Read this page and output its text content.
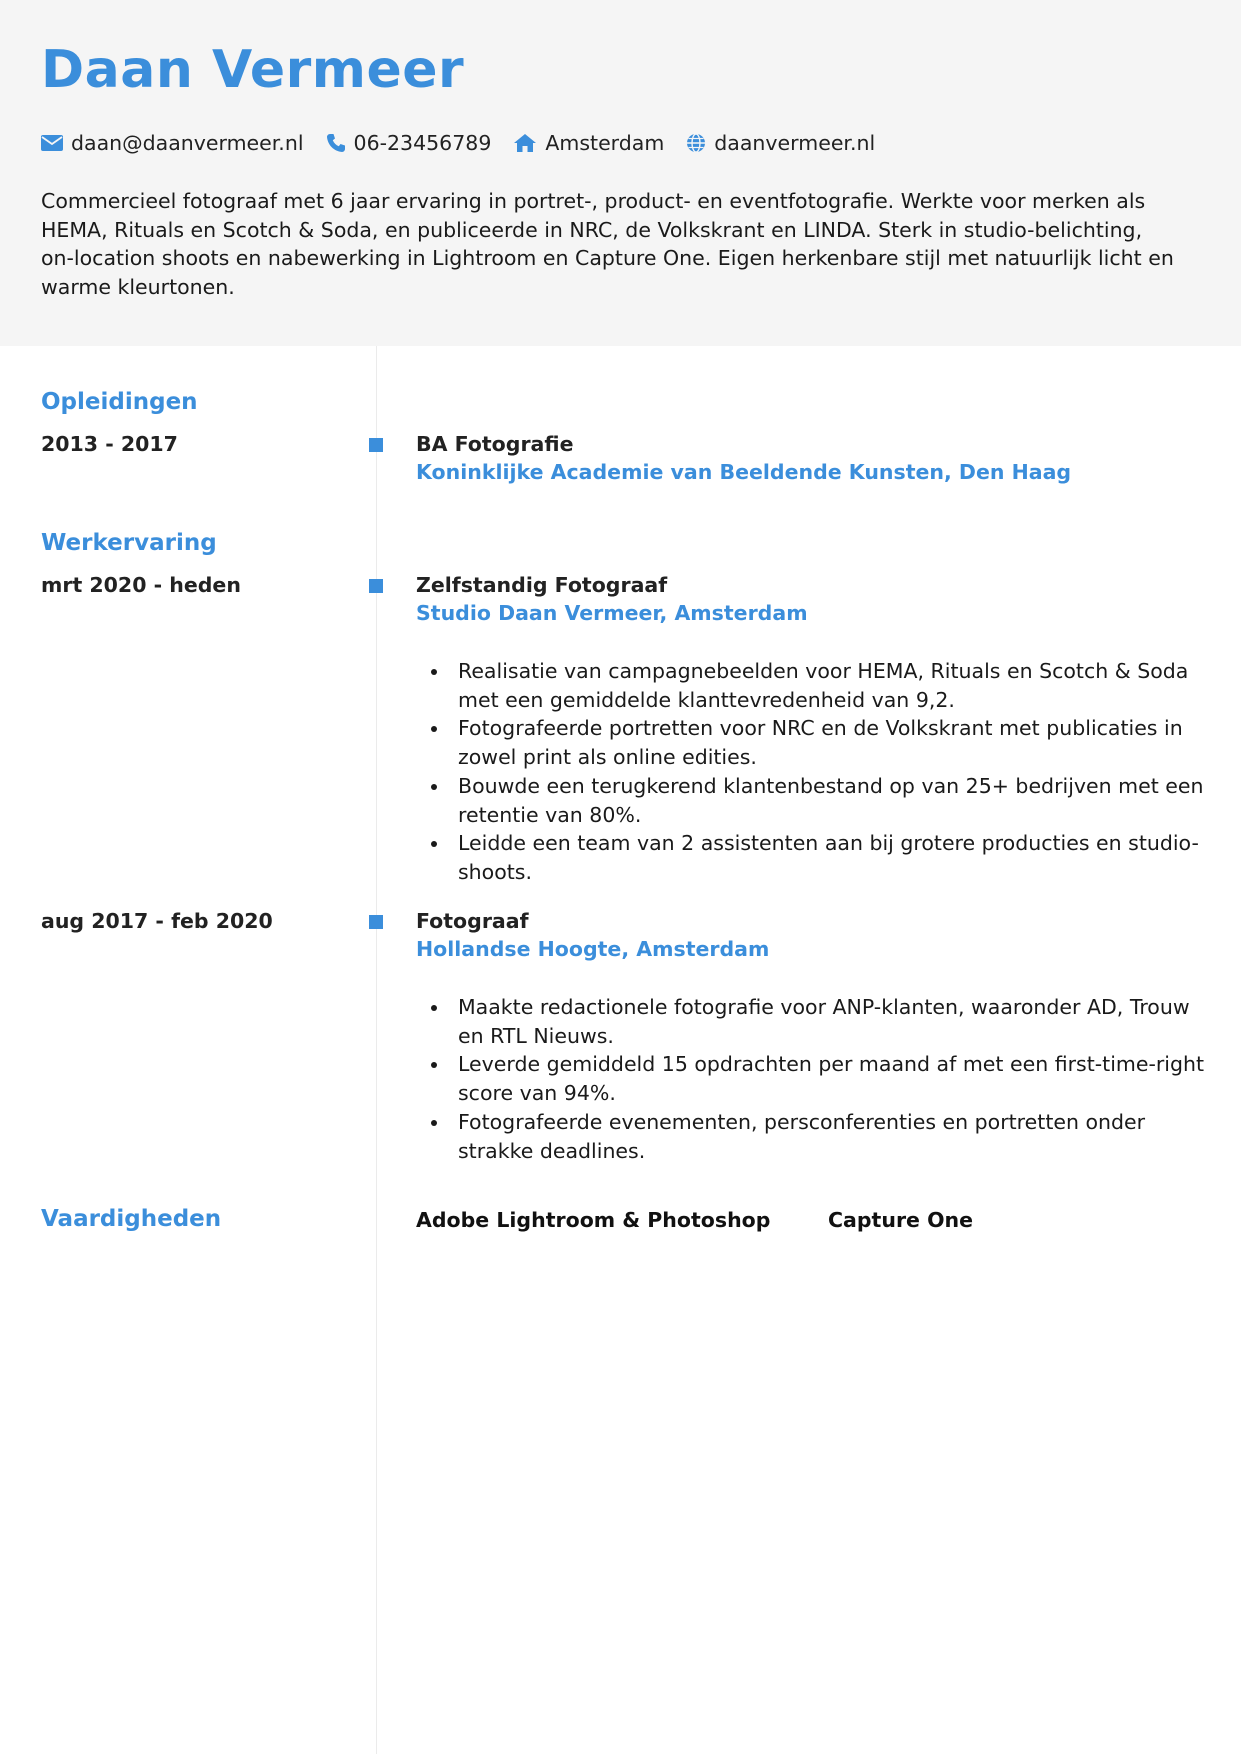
Daan Vermeer
daan@daanvermeer.nl 06-23456789	Amsterdam daanvermeer.nl

Commercieel fotograaf met 6 jaar ervaring in portret-, product- en eventfotografie. Werkte voor merken als HEMA, Rituals en Scotch & Soda, en publiceerde in NRC, de Volkskrant en LINDA. Sterk in studio-belichting, on-location shoots en nabewerking in Lightroom en Capture One. Eigen herkenbare stijl met natuurlijk licht en warme kleurtonen.

Opleidingen
2013 - 2017	BA Fotografie
Koninklijke Academie van Beeldende Kunsten, Den Haag
Werkervaring
mrt 2020 - heden	Zelfstandig Fotograaf
Studio Daan Vermeer, Amsterdam
Realisatie van campagnebeelden voor HEMA, Rituals en Scotch & Soda met een gemiddelde klanttevredenheid van 9,2.
Fotografeerde portretten voor NRC en de Volkskrant met publicaties in zowel print als online edities.
Bouwde een terugkerend klantenbestand op van 25+ bedrijven met een retentie van 80%.
Leidde een team van 2 assistenten aan bij grotere producties en studio-shoots.
aug 2017 - feb 2020	Fotograaf
Hollandse Hoogte, Amsterdam
Maakte redactionele fotografie voor ANP-klanten, waaronder AD, Trouw en RTL Nieuws.
Leverde gemiddeld 15 opdrachten per maand af met een first-time-right score van 94%.
Fotografeerde evenementen, persconferenties en portretten onder strakke deadlines.
Vaardigheden	Adobe Lightroom & Photoshop	Capture One
